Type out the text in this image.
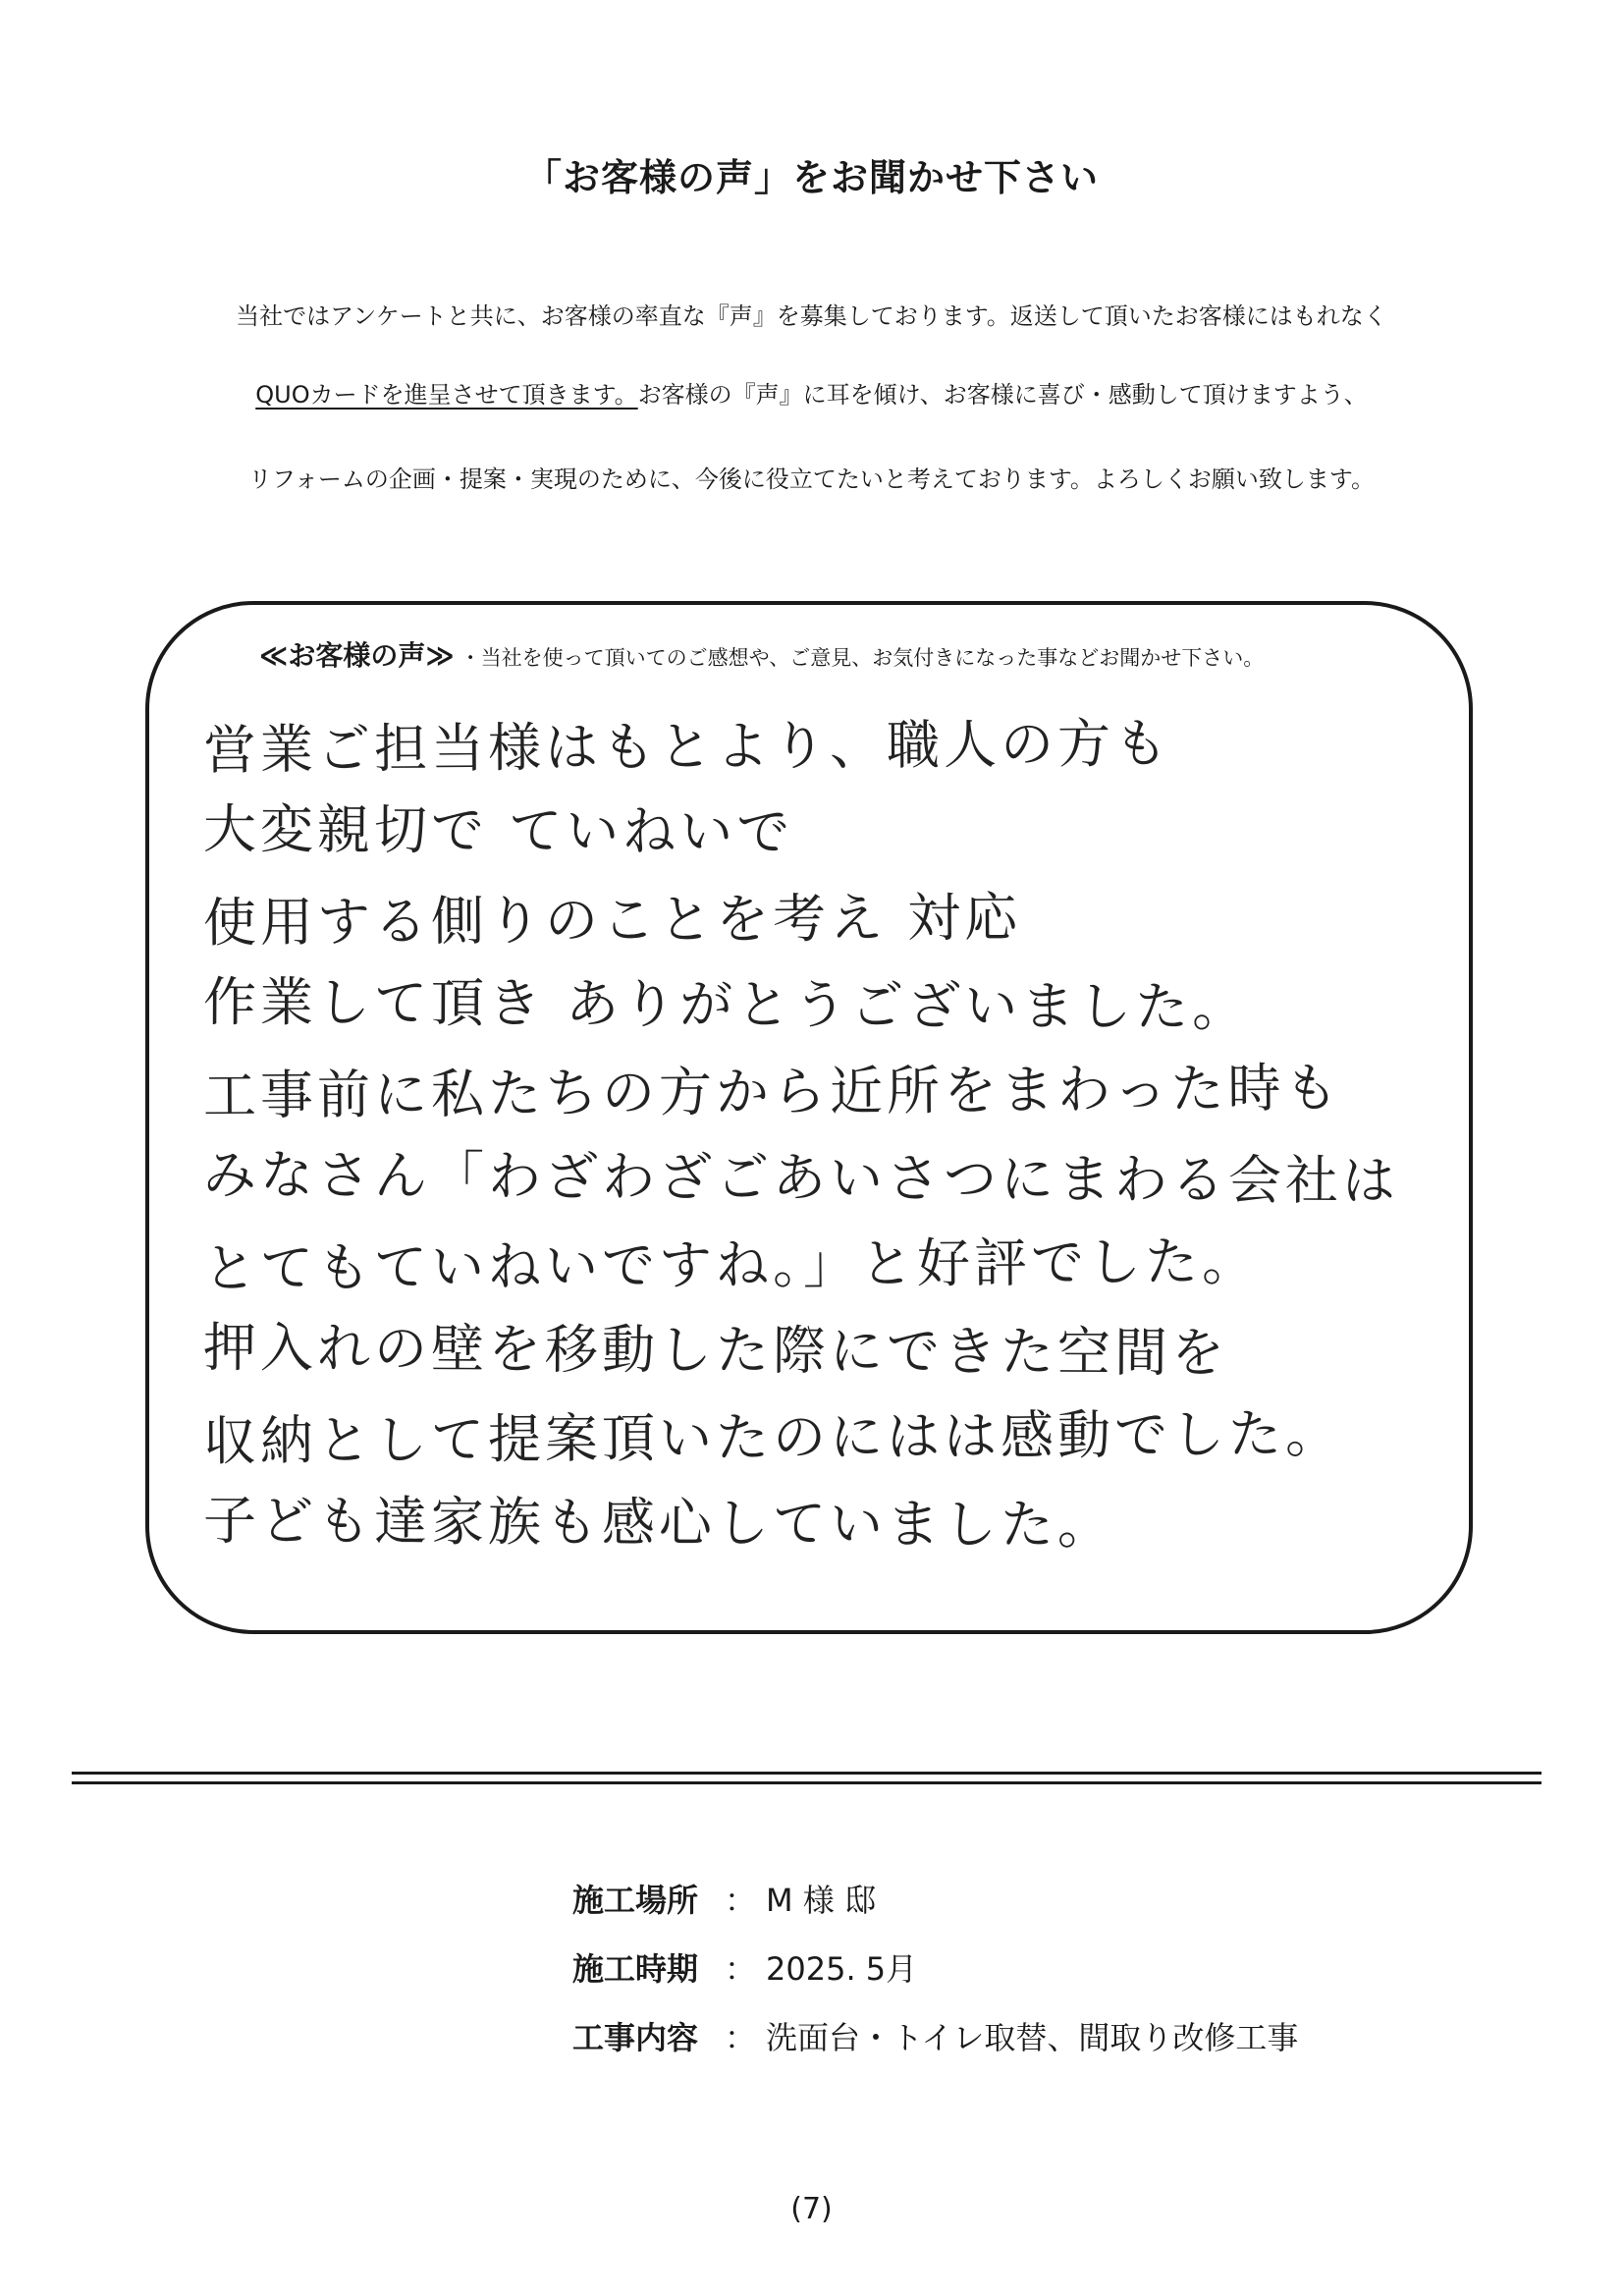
「お客様の声」をお聞かせ下さい
当社ではアンケートと共に、お客様の率直な『声』を募集しております。返送して頂いたお客様にはもれなく
QUOカードを進呈させて頂きます。お客様の『声』に耳を傾け、お客様に喜び・感動して頂けますよう、
リフォームの企画・提案・実現のために、今後に役立てたいと考えております。よろしくお願い致します。
≪お客様の声≫ ・当社を使って頂いてのご感想や、ご意見、お気付きになった事などお聞かせ下さい。
営業ご担当様はもとより、職人の方も
大変親切で ていねいで
使用する側りのことを考え 対応
作業して頂き ありがとうございました。
工事前に私たちの方から近所をまわった時も
みなさん「わざわざごあいさつにまわる会社は
とてもていねいですね。」と好評でした。
押入れの壁を移動した際にできた空間を
収納として提案頂いたのにはは感動でした。
子ども達家族も感心していました。
施工場所 ： M 様 邸
施工時期 ： 2025. 5月
工事内容 ： 洗面台・トイレ取替、間取り改修工事
(7)
